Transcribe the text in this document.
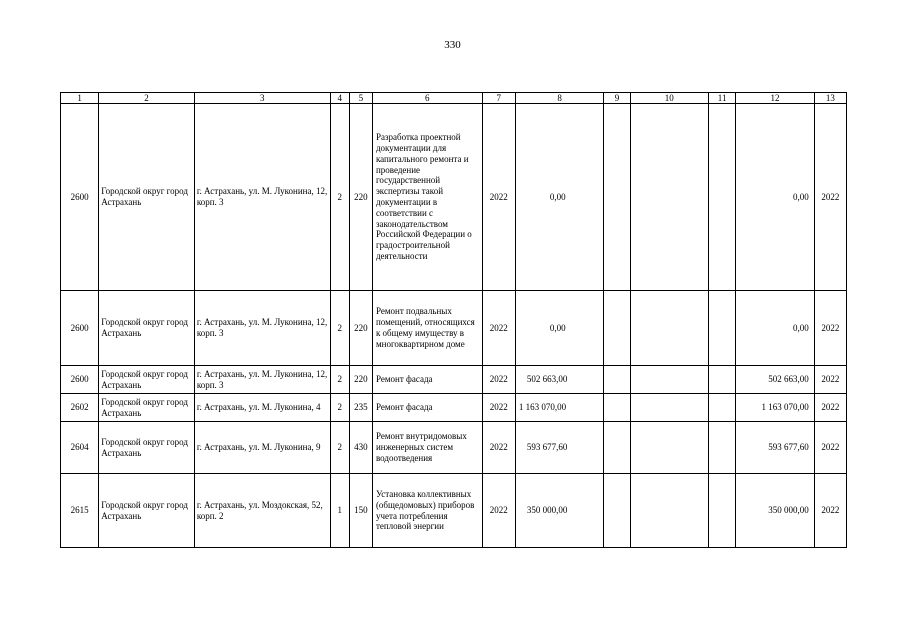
330
1	2	3	4	5	6	7	8	9	10	11	12	13
2600	Городской округ город Астрахань	г. Астрахань, ул. М. Луконина, 12, корп. 3	2	220	Разработка проектной документации для капитального ремонта и проведение государственной экспертизы такой документации в соответствии с законодательством Российской Федерации о градостроительной деятельности	2022	0,00				0,00	2022
2600	Городской округ город Астрахань	г. Астрахань, ул. М. Луконина, 12, корп. 3	2	220	Ремонт подвальных помещений, относящихся к общему имуществу в многоквартирном доме	2022	0,00				0,00	2022
2600	Городской округ город Астрахань	г. Астрахань, ул. М. Луконина, 12, корп. 3	2	220	Ремонт фасада	2022	502 663,00				502 663,00	2022
2602	Городской округ город Астрахань	г. Астрахань, ул. М. Луконина, 4	2	235	Ремонт фасада	2022	1 163 070,00				1 163 070,00	2022
2604	Городской округ город Астрахань	г. Астрахань, ул. М. Луконина, 9	2	430	Ремонт внутридомовых инженерных систем водоотведения	2022	593 677,60				593 677,60	2022
2615	Городской округ город Астрахань	г. Астрахань, ул. Моздокская, 52, корп. 2	1	150	Установка коллективных (общедомовых) приборов учета потребления тепловой энергии	2022	350 000,00				350 000,00	2022
